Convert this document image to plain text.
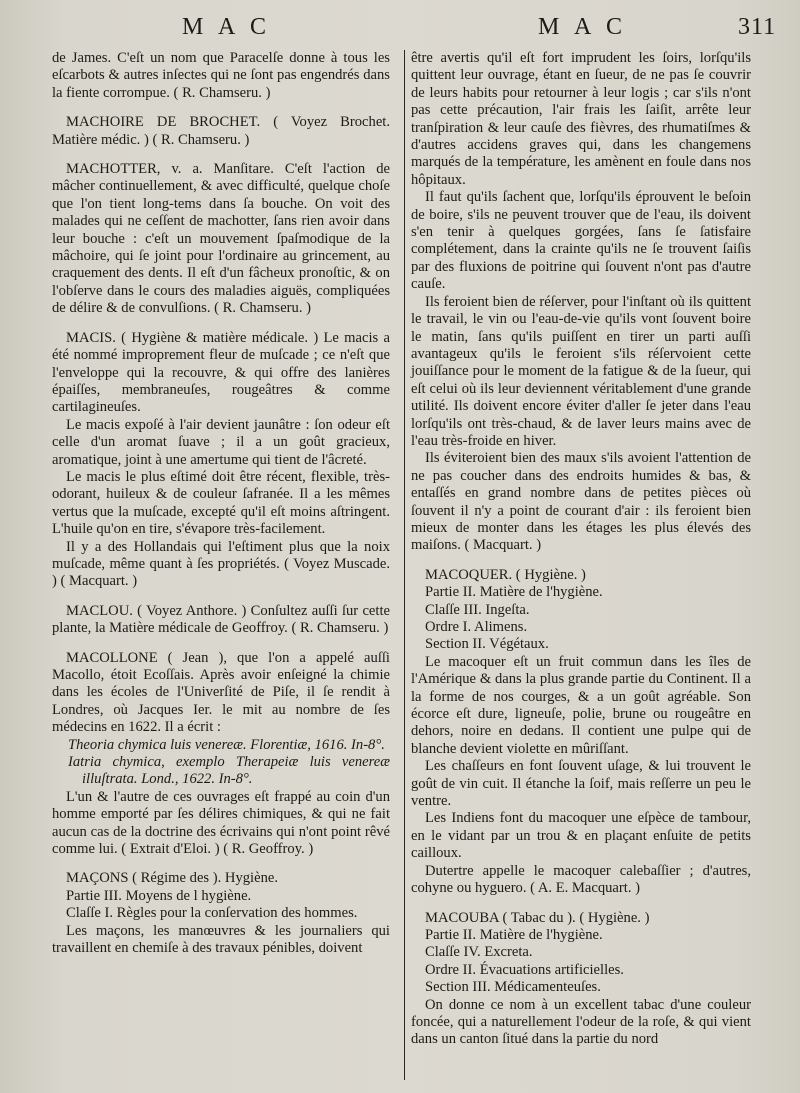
M A C	M A C	311

de James. C'eſt un nom que Paracelſe donne à tous les eſcarbots & autres inſectes qui ne ſont pas engendrés dans la fiente corrompue. ( R. Chamseru. )

MACHOIRE DE BROCHET. ( Voyez Brochet. Matière médic. ) ( R. Chamseru. )

MACHOTTER, v. a. Manſitare. C'eſt l'action de mâcher continuellement, & avec difficulté, quelque choſe que l'on tient long-tems dans ſa bouche. On voit des malades qui ne ceſſent de machotter, ſans rien avoir dans leur bouche : c'eſt un mouvement ſpaſmodique de la mâchoire, qui ſe joint pour l'ordinaire au grincement, au craquement des dents. Il eſt d'un fâcheux pronoſtic, & on l'obſerve dans le cours des maladies aiguës, compliquées de délire & de convulſions. ( R. Chamseru. )

MACIS. ( Hygiène & matière médicale. ) Le macis a été nommé improprement fleur de muſcade ; ce n'eſt que l'enveloppe qui la recouvre, & qui offre des lanières épaiſſes, membraneuſes, rougeâtres & comme cartilagineuſes.

Le macis expoſé à l'air devient jaunâtre : ſon odeur eſt celle d'un aromat ſuave ; il a un goût gracieux, aromatique, joint à une amertume qui tient de l'âcreté.

Le macis le plus eſtimé doit être récent, flexible, très-odorant, huileux & de couleur ſafranée. Il a les mêmes vertus que la muſcade, excepté qu'il eſt moins aſtringent. L'huile qu'on en tire, s'évapore très-facilement.

Il y a des Hollandais qui l'eſtiment plus que la noix muſcade, même quant à ſes propriétés. ( Voyez Muscade. ) ( Macquart. )

MACLOU. ( Voyez Anthore. ) Conſultez auſſi ſur cette plante, la Matière médicale de Geoffroy. ( R. Chamseru. )

MACOLLONE ( Jean ), que l'on a appelé auſſi Macollo, étoit Ecoſſais. Après avoir enſeigné la chimie dans les écoles de l'Univerſité de Piſe, il ſe rendit à Londres, où Jacques Ier. le mit au nombre de ſes médecins en 1622. Il a écrit :

Theoria chymica luis venereæ. Florentiæ, 1616. In-8°.

Iatria chymica, exemplo Therapeiæ luis venereæ illuſtrata. Lond., 1622. In-8°.

L'un & l'autre de ces ouvrages eſt frappé au coin d'un homme emporté par ſes délires chimiques, & qui ne fait aucun cas de la doctrine des écrivains qui n'ont point rêvé comme lui. ( Extrait d'Eloi. ) ( R. Geoffroy. )

MAÇONS ( Régime des ). Hygiène.

Partie III. Moyens de l hygiène.

Claſſe I. Règles pour la conſervation des hommes.

Les maçons, les manœuvres & les journaliers qui travaillent en chemiſe à des travaux pénibles, doivent

être avertis qu'il eſt fort imprudent les ſoirs, lorſqu'ils quittent leur ouvrage, étant en ſueur, de ne pas ſe couvrir de leurs habits pour retourner à leur logis ; car s'ils n'ont pas cette précaution, l'air frais les ſaiſit, arrête leur tranſpiration & leur cauſe des fièvres, des rhumatiſmes & d'autres accidens graves qui, dans les changemens marqués de la température, les amènent en foule dans nos hôpitaux.

Il faut qu'ils ſachent que, lorſqu'ils éprouvent le beſoin de boire, s'ils ne peuvent trouver que de l'eau, ils doivent s'en tenir à quelques gorgées, ſans ſe ſatisfaire complétement, dans la crainte qu'ils ne ſe trouvent ſaiſis par des fluxions de poitrine qui ſouvent n'ont pas d'autre cauſe.

Ils feroient bien de réſerver, pour l'inſtant où ils quittent le travail, le vin ou l'eau-de-vie qu'ils vont ſouvent boire le matin, ſans qu'ils puiſſent en tirer un parti auſſi avantageux qu'ils le feroient s'ils réſervoient cette jouiſſance pour le moment de la fatigue & de la ſueur, qui eſt celui où ils leur deviennent véritablement d'une grande utilité. Ils doivent encore éviter d'aller ſe jeter dans l'eau lorſqu'ils ont très-chaud, & de laver leurs mains avec de l'eau très-froide en hiver.

Ils éviteroient bien des maux s'ils avoient l'attention de ne pas coucher dans des endroits humides & bas, & entaſſés en grand nombre dans de petites pièces où ſouvent il n'y a point de courant d'air : ils feroient bien mieux de monter dans les étages les plus élevés des maiſons. ( Macquart. )

MACOQUER. ( Hygiène. )

Partie II. Matière de l'hygiène.

Claſſe III. Ingeſta.

Ordre I. Alimens.

Section II. Végétaux.

Le macoquer eſt un fruit commun dans les îles de l'Amérique & dans la plus grande partie du Continent. Il a la forme de nos courges, & a un goût agréable. Son écorce eſt dure, ligneuſe, polie, brune ou rougeâtre en dehors, noire en dedans. Il contient une pulpe qui de blanche devient violette en mûriſſant.

Les chaſſeurs en font ſouvent uſage, & lui trouvent le goût de vin cuit. Il étanche la ſoif, mais reſſerre un peu le ventre.

Les Indiens font du macoquer une eſpèce de tambour, en le vidant par un trou & en plaçant enſuite de petits cailloux.

Dutertre appelle le macoquer calebaſſier ; d'autres, cohyne ou hyguero. ( A. E. Macquart. )

MACOUBA ( Tabac du ). ( Hygiène. )

Partie II. Matière de l'hygiène.

Claſſe IV. Excreta.

Ordre II. Évacuations artificielles.

Section III. Médicamenteuſes.

On donne ce nom à un excellent tabac d'une couleur foncée, qui a naturellement l'odeur de la roſe, & qui vient dans un canton ſitué dans la partie du nord
